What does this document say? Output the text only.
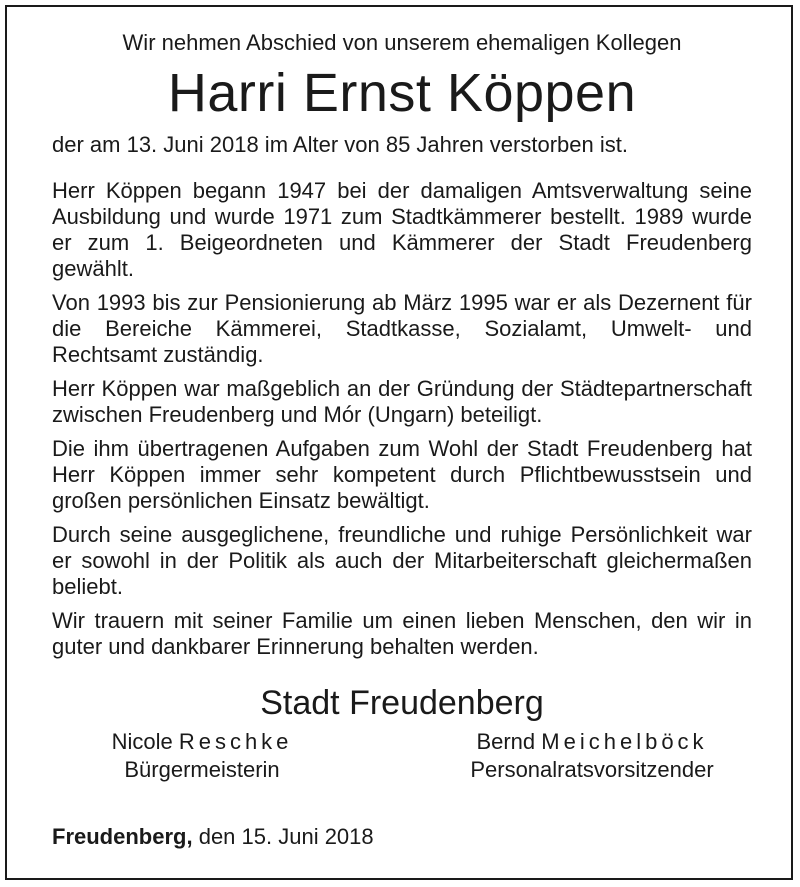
Wir nehmen Abschied von unserem ehemaligen Kollegen

Harri Ernst Köppen

der am 13. Juni 2018 im Alter von 85 Jahren verstorben ist.

Herr Köppen begann 1947 bei der damaligen Amtsverwaltung seine Ausbildung und wurde 1971 zum Stadtkämmerer bestellt. 1989 wurde er zum 1. Beigeordneten und Kämmerer der Stadt Freudenberg gewählt.

Von 1993 bis zur Pensionierung ab März 1995 war er als Dezernent für die Bereiche Kämmerei, Stadtkasse, Sozialamt, Umwelt- und Rechtsamt zuständig.

Herr Köppen war maßgeblich an der Gründung der Städtepartnerschaft zwischen Freudenberg und Mór (Ungarn) beteiligt.

Die ihm übertragenen Aufgaben zum Wohl der Stadt Freudenberg hat Herr Köppen immer sehr kompetent durch Pflichtbewusstsein und großen persönlichen Einsatz bewältigt.

Durch seine ausgeglichene, freundliche und ruhige Persönlichkeit war er sowohl in der Politik als auch der Mitarbeiterschaft gleichermaßen beliebt.

Wir trauern mit seiner Familie um einen lieben Menschen, den wir in guter und dankbarer Erinnerung behalten werden.

Stadt Freudenberg
Nicole Reschke
Bürgermeisterin
Bernd Meichelböck
Personalratsvorsitzender

Freudenberg, den 15. Juni 2018
